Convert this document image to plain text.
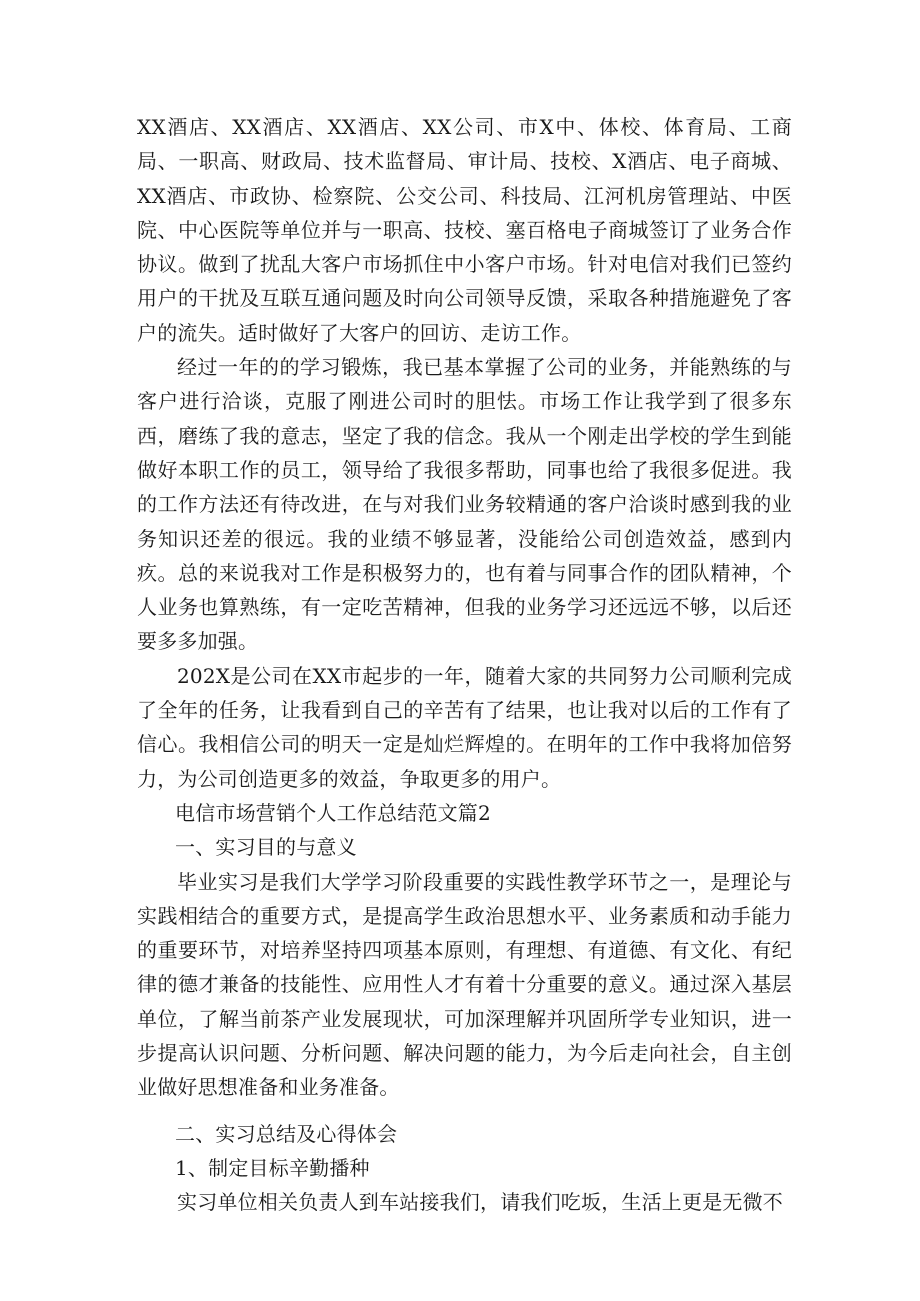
XX酒店、XX酒店、XX酒店、XX公司、市X中、体校、体育局、工商局、一职高、财政局、技术监督局、审计局、技校、X酒店、电子商城、XX酒店、市政协、检察院、公交公司、科技局、江河机房管理站、中医院、中心医院等单位并与一职高、技校、塞百格电子商城签订了业务合作协议。做到了扰乱大客户市场抓住中小客户市场。针对电信对我们已签约用户的干扰及互联互通问题及时向公司领导反馈，采取各种措施避免了客户的流失。适时做好了大客户的回访、走访工作。

经过一年的的学习锻炼，我已基本掌握了公司的业务，并能熟练的与客户进行洽谈，克服了刚进公司时的胆怯。市场工作让我学到了很多东西，磨练了我的意志，坚定了我的信念。我从一个刚走出学校的学生到能做好本职工作的员工，领导给了我很多帮助，同事也给了我很多促进。我的工作方法还有待改进，在与对我们业务较精通的客户洽谈时感到我的业务知识还差的很远。我的业绩不够显著，没能给公司创造效益，感到内疚。总的来说我对工作是积极努力的，也有着与同事合作的团队精神，个人业务也算熟练，有一定吃苦精神，但我的业务学习还远远不够，以后还要多多加强。

202X是公司在XX市起步的一年，随着大家的共同努力公司顺利完成了全年的任务，让我看到自己的辛苦有了结果，也让我对以后的工作有了信心。我相信公司的明天一定是灿烂辉煌的。在明年的工作中我将加倍努力，为公司创造更多的效益，争取更多的用户。

电信市场营销个人工作总结范文篇2

一、实习目的与意义

毕业实习是我们大学学习阶段重要的实践性教学环节之一，是理论与实践相结合的重要方式，是提高学生政治思想水平、业务素质和动手能力的重要环节，对培养坚持四项基本原则，有理想、有道德、有文化、有纪律的德才兼备的技能性、应用性人才有着十分重要的意义。通过深入基层单位，了解当前茶产业发展现状，可加深理解并巩固所学专业知识，进一步提高认识问题、分析问题、解决问题的能力，为今后走向社会，自主创业做好思想准备和业务准备。

二、实习总结及心得体会

1、制定目标辛勤播种

实习单位相关负责人到车站接我们，请我们吃坂，生活上更是无微不
